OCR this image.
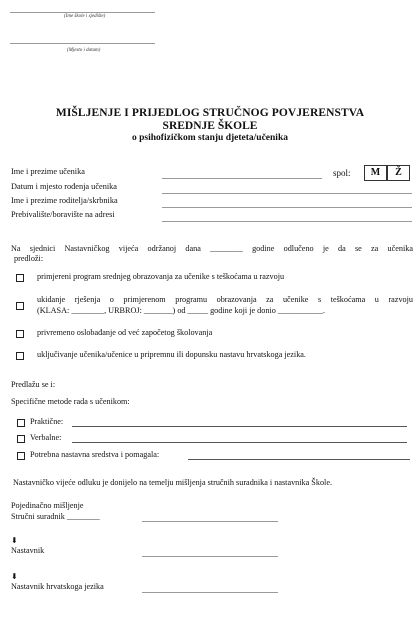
(Ime škole i sjedište)
(Mjesto i datum)
MIŠLJENJE I PRIJEDLOG STRUČNOG POVJERENSTVA
SREDNJE ŠKOLE
o psihofizičkom stanju djeteta/učenika
Ime i prezime učenika	spol:	M	Ž
Datum i mjesto rođenja učenika
Ime i prezime roditelja/skrbnika
Prebivalište/boravište na adresi
Na sjednici Nastavničkog vijeća održanoj dana ________ godine odlučeno je da se za učenika
predloži:
primjereni program srednjeg obrazovanja za učenike s teškoćama u razvoju
ukidanje rješenja o primjerenom programu obrazovanja za učenike s teškoćama u razvoju
(KLASA: ________, URBROJ: _______) od _____ godine koji je donio ___________.
privremeno oslobađanje od već započetog školovanja
uključivanje učenika/učenice u pripremnu ili dopunsku nastavu hrvatskoga jezika.
Predlažu se i:
Specifične metode rada s učenikom:
Praktične:
Verbalne:
Potrebna nastavna sredstva i pomagala:
Nastavničko vijeće odluku je donijelo na temelju mišljenja stručnih suradnika i nastavnika Škole.
Pojedinačno mišljenje
Stručni suradnik ________
⬇
Nastavnik
⬇
Nastavnik hrvatskoga jezika
